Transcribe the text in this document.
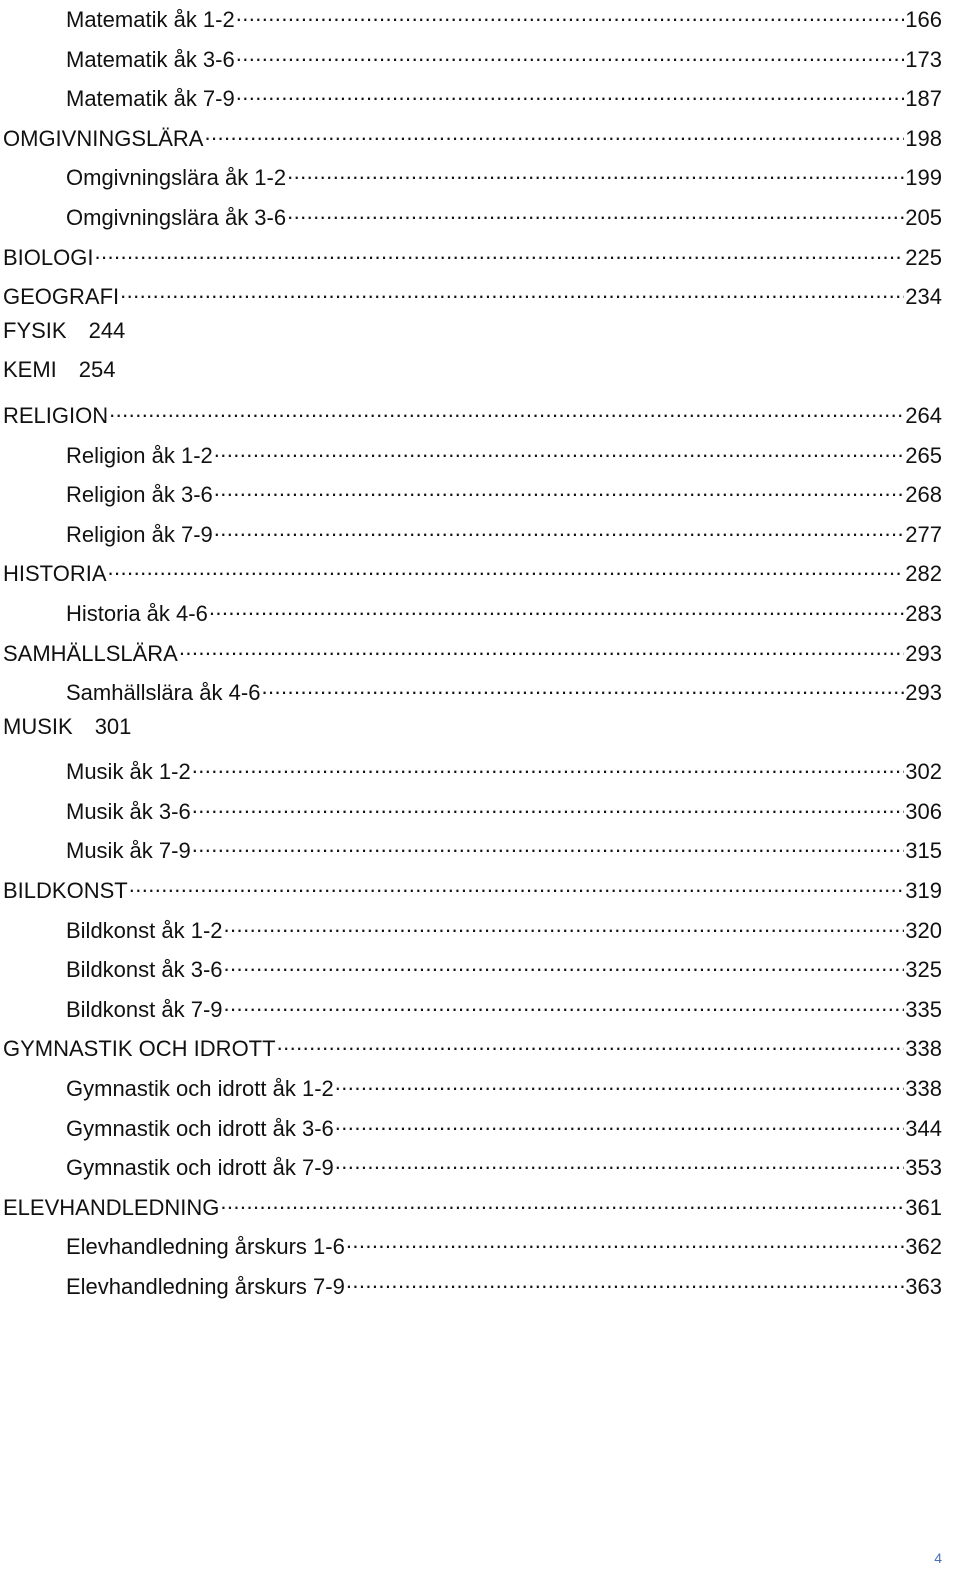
Matematik åk 1-2 .....	166
Matematik åk 3-6 .....	173
Matematik åk 7-9 .....	187
OMGIVNINGSLÄRA .....	198
Omgivningslära åk 1-2 .....	199
Omgivningslära åk 3-6 .....	205
BIOLOGI .....	225
GEOGRAFI .....	234
FYSIK 244
KEMI 254
RELIGION .....	264
Religion åk 1-2 .....	265
Religion åk 3-6 .....	268
Religion åk 7-9 .....	277
HISTORIA .....	282
Historia åk 4-6 .....	283
SAMHÄLLSLÄRA .....	293
Samhällslära åk 4-6 .....	293
MUSIK 301
Musik åk 1-2 .....	302
Musik åk 3-6 .....	306
Musik åk 7-9 .....	315
BILDKONST .....	319
Bildkonst åk 1-2 .....	320
Bildkonst åk 3-6 .....	325
Bildkonst åk 7-9 .....	335
GYMNASTIK OCH IDROTT .....	338
Gymnastik och idrott åk 1-2 .....	338
Gymnastik och idrott åk 3-6 .....	344
Gymnastik och idrott åk 7-9 .....	353
ELEVHANDLEDNING .....	361
Elevhandledning årskurs 1-6 .....	362
Elevhandledning årskurs 7-9 .....	363
4
